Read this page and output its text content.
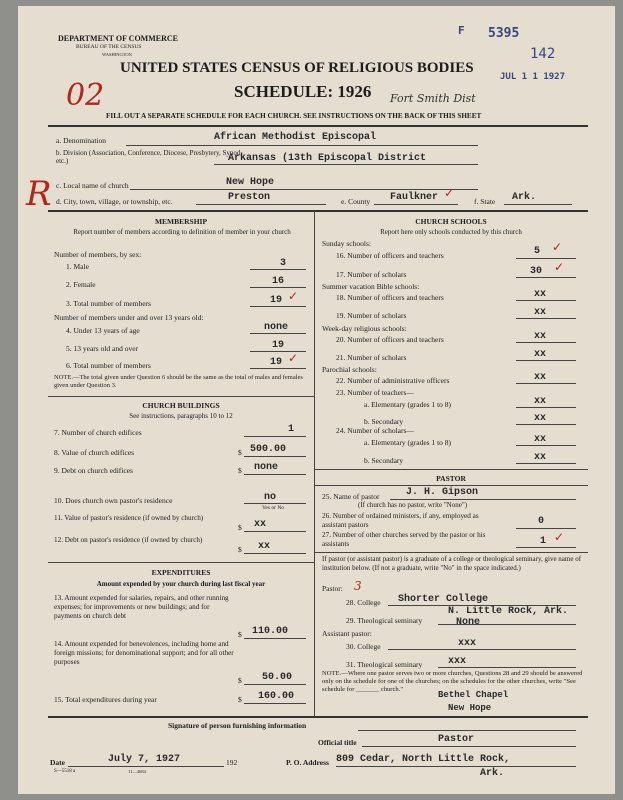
DEPARTMENT OF COMMERCE
BUREAU OF THE CENSUS
WASHINGTON
F 5395
142
JUL 1 1 1927
UNITED STATES CENSUS OF RELIGIOUS BODIES
SCHEDULE: 1926 Fort Smith Dist
02
FILL OUT A SEPARATE SCHEDULE FOR EACH CHURCH. SEE INSTRUCTIONS ON THE BACK OF THIS SHEET
a. Denomination	African Methodist Episcopal
b. Division (Association, Conference, Diocese, Presbytery, Synod, etc.)	Arkansas (13th Episcopal District
R c. Local name of church	New Hope
d. City, town, village, or township, etc.	Preston	e. County Faulkner ✓
f. State Ark.
MEMBERSHIP
Report number of members according to definition of member in your church
Number of members, by sex:
1. Male	3
2. Female	16
3. Total number of members	19 ✓
Number of members under and over 13 years old:
4. Under 13 years of age	none
5. 13 years old and over	19
6. Total number of members	19 ✓
NOTE.—The total given under Question 6 should be the same as the total of males and females given under Question 3.
CHURCH BUILDINGS
See instructions, paragraphs 10 to 12
7. Number of church edifices	1
8. Value of church edifices	$ 500.00
9. Debt on church edifices	$ none
10. Does church own pastor's residence	no
Yes or No
11. Value of pastor's residence (if owned by church)
$ xx
12. Debt on pastor's residence (if owned by church)
$ xx
EXPENDITURES
Amount expended by your church during last fiscal year
13. Amount expended for salaries, repairs, and other running expenses; for improvements or new buildings; and for payments on church debt
$ 110.00
14. Amount expended for benevolences, including home and foreign missions; for denominational support; and for all other purposes
$ 50.00
15. Total expenditures during year	$ 160.00
CHURCH SCHOOLS
Report here only schools conducted by this church
Sunday schools:
16. Number of officers and teachers	5 ✓
17. Number of scholars	30 ✓
Summer vacation Bible schools:
18. Number of officers and teachers	xx
19. Number of scholars	xx
Week-day religious schools:
20. Number of officers and teachers	xx
21. Number of scholars	xx
Parochial schools:
22. Number of administrative officers	xx
23. Number of teachers—
a. Elementary (grades 1 to 8)	xx
b. Secondary	xx
24. Number of scholars—
a. Elementary (grades 1 to 8)	xx
b. Secondary	xx
PASTOR
25. Name of pastor	J. H. Gipson
(If church has no pastor, write "None")
26. Number of ordained ministers, if any, employed as assistant pastors	0
27. Number of other churches served by the pastor or his assistants	1 ✓
If pastor (or assistant pastor) is a graduate of a college or theological seminary, give name of institution below. (If not a graduate, write "No" in the space indicated.)
Pastor: 3
28. College Shorter College
N. Little Rock, Ark.
29. Theological seminary	None
Assistant pastor:
30. College	xxx
31. Theological seminary	xxx
NOTE.—Where one pastor serves two or more churches, Questions 28 and 29 should be answered only on the schedule for one of the churches; on the schedules for the other churches, write "See schedule for _______ church."
Bethel Chapel
New Hope
Signature of person furnishing information
Official title	Pastor
Date	July 7, 1927	192
S—5518 a	11—4684
P. O. Address 809 Cedar, North Little Rock,
Ark.
